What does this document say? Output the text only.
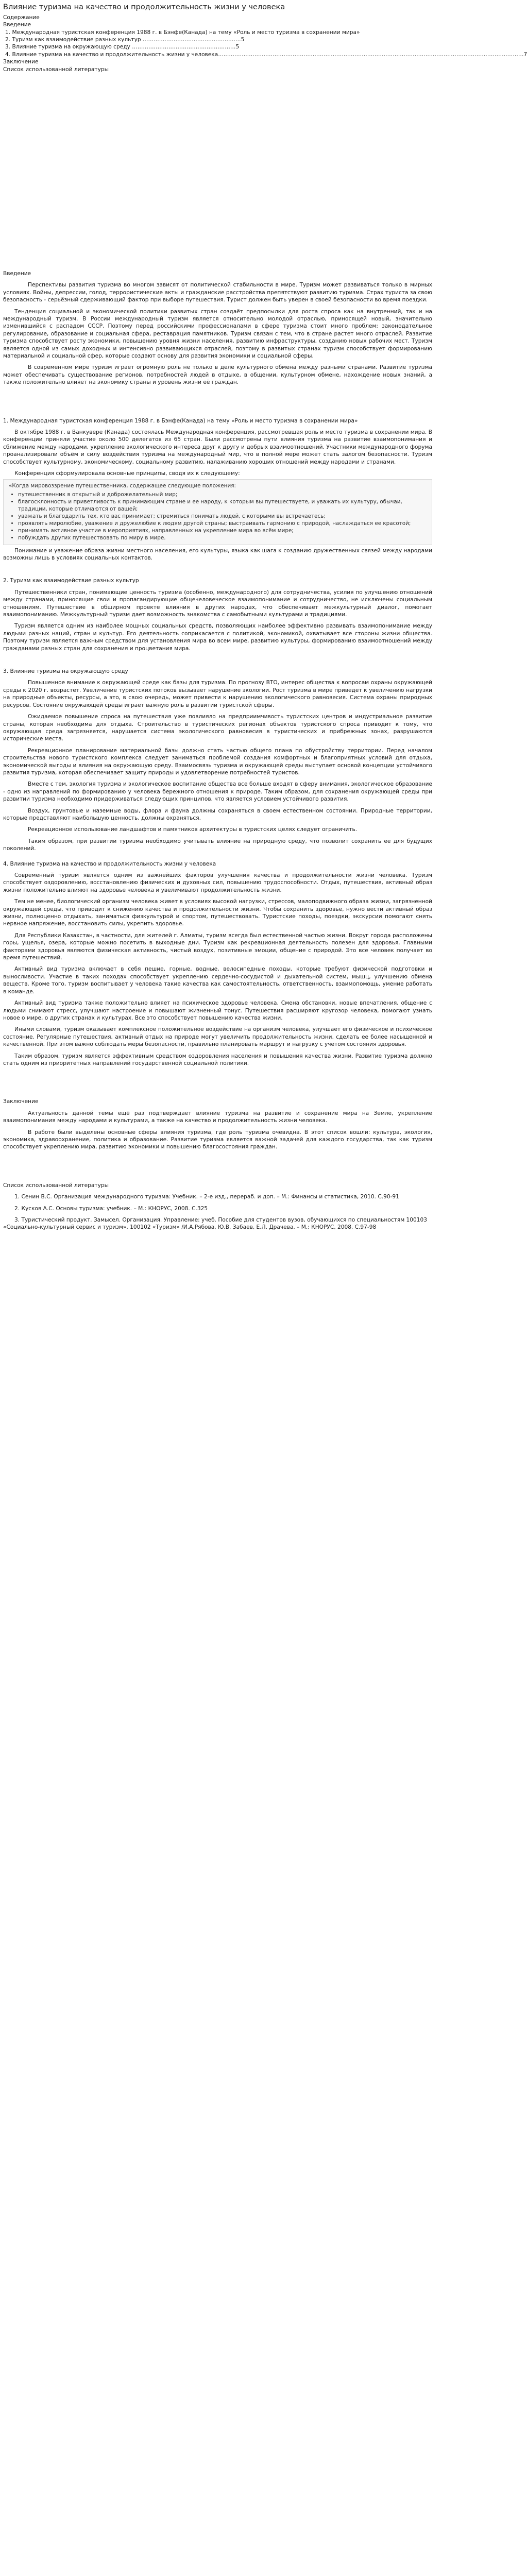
Влияние туризма на качество и продолжительность жизни у человека
Содержание
Введение
1. Международная туристская конференция 1988 г. в Бэнфе(Канада) на тему «Роль и место туризма в сохранении мира»
2. Туризм как взаимодействие разных культур ………………………………………………5
3. Влияние туризма на окружающую среду …………………………………………………5
4. Влияние туризма на качество и продолжительность жизни у человека……………………………………………………………………………………………………………………………………………………7
Заключение
Список использованной литературы
Введение

Перспективы развития туризма во многом зависят от политической стабильности в мире. Туризм может развиваться только в мирных условиях. Войны, депрессии, голод, террористические акты и гражданские расстройства препятствуют развитию туризма. Страх туриста за свою безопасность - серьёзный сдерживающий фактор при выборе путешествия. Турист должен быть уверен в своей безопасности во время поездки.

Тенденция социальной и экономической политики развитых стран создаёт предпосылки для роста спроса как на внутренний, так и на международный туризм. В России международный туризм является относительно молодой отраслью, приносящей новый, значительно изменившийся с распадом СССР. Поэтому перед российскими профессионалами в сфере туризма стоит много проблем: законодательное регулирование, образование и социальная сфера, реставрация памятников. Туризм связан с тем, что в стране растет много отраслей. Развитие туризма способствует росту экономики, повышению уровня жизни населения, развитию инфраструктуры, созданию новых рабочих мест. Туризм является одной из самых доходных и интенсивно развивающихся отраслей, поэтому в развитых странах туризм способствует формированию материальной и социальной сфер, которые создают основу для развития экономики и социальной сферы.

В современном мире туризм играет огромную роль не только в деле культурного обмена между разными странами. Развитие туризма может обеспечивать существование регионов, потребностей людей в отдыхе, в общении, культурном обмене, нахождение новых знаний, а также положительно влияет на экономику страны и уровень жизни её граждан.

1. Международная туристская конференция 1988 г. в Бэнфе(Канада) на тему «Роль и место туризма в сохранении мира»

В октябре 1988 г. в Ванкувере (Канада) состоялась Международная конференция, рассмотревшая роль и место туризма в сохранении мира. В конференции приняли участие около 500 делегатов из 65 стран. Были рассмотрены пути влияния туризма на развитие взаимопонимания и сближение между народами, укрепление экологического интереса друг к другу и добрых взаимоотношений. Участники международного форума проанализировали объём и силу воздействия туризма на международный мир, что в полной мере может стать залогом безопасности. Туризм способствует культурному, экономическому, социальному развитию, налаживанию хороших отношений между народами и странами.

Конференция сформулировала основные принципы, сводя их к следующему:

«Когда мировоззрение путешественника, содержащее следующие положения:
• путешественник в открытый и доброжелательный мир;
• благосклонность и приветливость к принимающим стране и ее народу, к которым вы путешествуете, и уважать их культуру, обычаи, традиции, которые отличаются от вашей;
• уважать и благодарить тех, кто вас принимает; стремиться понимать людей, с которыми вы встречаетесь;
• проявлять миролюбие, уважение и дружелюбие к людям другой страны; выстраивать гармонию с природой, наслаждаться ее красотой;
• принимать активное участие в мероприятиях, направленных на укрепление мира во всём мире;
• побуждать других путешествовать по миру в мире.

Понимание и уважение образа жизни местного населения, его культуры, языка как шага к созданию дружественных связей между народами возможны лишь в условиях социальных контактов.

2. Туризм как взаимодействие разных культур

Путешественники стран, понимающие ценность туризма (особенно, международного) для сотрудничества, усилия по улучшению отношений между странами, приносящие свои и пропагандирующие общечеловеческое взаимопонимание и сотрудничество, не исключены социальным отношениям. Путешествие в обширном проекте влияния в других народах, что обеспечивает межкультурный диалог, помогает взаимопониманию. Межкультурный туризм дает возможность знакомства с самобытными культурами и традициями.

Туризм является одним из наиболее мощных социальных средств, позволяющих наиболее эффективно развивать взаимопонимание между людьми разных наций, стран и культур. Его деятельность соприкасается с политикой, экономикой, охватывает все стороны жизни общества. Поэтому туризм является важным средством для установления мира во всем мире, развитию культуры, формированию взаимоотношений между гражданами разных стран для сохранения и процветания мира.

3. Влияние туризма на окружающую среду

Повышенное внимание к окружающей среде как базы для туризма. По прогнозу ВТО, интерес общества к вопросам охраны окружающей среды к 2020 г. возрастет. Увеличение туристских потоков вызывает нарушение экологии. Рост туризма в мире приведет к увеличению нагрузки на природные объекты, ресурсы, а это, в свою очередь, может привести к нарушению экологического равновесия. Система охраны природных ресурсов. Состояние окружающей среды играет важную роль в развитии туристской сферы.

Ожидаемое повышение спроса на путешествия уже повлияло на предприимчивость туристских центров и индустриальное развитие страны, которая необходима для отдыха. Строительство в туристических регионах объектов туристского спроса приводит к тому, что окружающая среда загрязняется, нарушается система экологического равновесия в туристических и прибрежных зонах, разрушаются исторические места.

Рекреационное планирование материальной базы должно стать частью общего плана по обустройству территории. Перед началом строительства нового туристского комплекса следует заниматься проблемой создания комфортных и благоприятных условий для отдыха, экономической выгоды и влияния на окружающую среду. Взаимосвязь туризма и окружающей среды выступает основой концепции устойчивого развития туризма, которая обеспечивает защиту природы и удовлетворение потребностей туристов.

Вместе с тем, экология туризма и экологическое воспитание общества все больше входят в сферу внимания, экологическое образование - одно из направлений по формированию у человека бережного отношения к природе. Таким образом, для сохранения окружающей среды при развитии туризма необходимо придерживаться следующих принципов, что является условием устойчивого развития.

Воздух, грунтовые и наземные воды, флора и фауна должны сохраняться в своем естественном состоянии. Природные территории, которые представляют наибольшую ценность, должны охраняться.

Рекреационное использование ландшафтов и памятников архитектуры в туристских целях следует ограничить.

Таким образом, при развитии туризма необходимо учитывать влияние на природную среду, что позволит сохранить ее для будущих поколений.

4. Влияние туризма на качество и продолжительность жизни у человека

Современный туризм является одним из важнейших факторов улучшения качества и продолжительности жизни человека. Туризм способствует оздоровлению, восстановлению физических и духовных сил, повышению трудоспособности. Отдых, путешествия, активный образ жизни положительно влияют на здоровье человека и увеличивают продолжительность жизни.

Тем не менее, биологический организм человека живет в условиях высокой нагрузки, стрессов, малоподвижного образа жизни, загрязненной окружающей среды, что приводит к снижению качества и продолжительности жизни. Чтобы сохранить здоровье, нужно вести активный образ жизни, полноценно отдыхать, заниматься физкультурой и спортом, путешествовать. Туристские походы, поездки, экскурсии помогают снять нервное напряжение, восстановить силы, укрепить здоровье.

Для Республики Казахстан, в частности, для жителей г. Алматы, туризм всегда был естественной частью жизни. Вокруг города расположены горы, ущелья, озера, которые можно посетить в выходные дни. Туризм как рекреационная деятельность полезен для здоровья. Главными факторами здоровья являются физическая активность, чистый воздух, позитивные эмоции, общение с природой. Это все человек получает во время путешествий.

Активный вид туризма включает в себя пешие, горные, водные, велосипедные походы, которые требуют физической подготовки и выносливости. Участие в таких походах способствует укреплению сердечно-сосудистой и дыхательной систем, мышц, улучшению обмена веществ. Кроме того, туризм воспитывает у человека такие качества как самостоятельность, ответственность, взаимопомощь, умение работать в команде.

Активный вид туризма также положительно влияет на психическое здоровье человека. Смена обстановки, новые впечатления, общение с людьми снимают стресс, улучшают настроение и повышают жизненный тонус. Путешествия расширяют кругозор человека, помогают узнать новое о мире, о других странах и культурах. Все это способствует повышению качества жизни.

Иными словами, туризм оказывает комплексное положительное воздействие на организм человека, улучшает его физическое и психическое состояние. Регулярные путешествия, активный отдых на природе могут увеличить продолжительность жизни, сделать ее более насыщенной и качественной. При этом важно соблюдать меры безопасности, правильно планировать маршрут и нагрузку с учетом состояния здоровья.

Таким образом, туризм является эффективным средством оздоровления населения и повышения качества жизни. Развитие туризма должно стать одним из приоритетных направлений государственной социальной политики.

Заключение

Актуальность данной темы ещё раз подтверждает влияние туризма на развитие и сохранение мира на Земле, укрепление взаимопонимания между народами и культурами, а также на качество и продолжительность жизни человека.

В работе были выделены основные сферы влияния туризма, где роль туризма очевидна. В этот список вошли: культура, экология, экономика, здравоохранение, политика и образование. Развитие туризма является важной задачей для каждого государства, так как туризм способствует укреплению мира, развитию экономики и повышению благосостояния граждан.

Список использованной литературы

1. Сенин В.С. Организация международного туризма: Учебник. – 2-е изд., перераб. и доп. – М.: Финансы и статистика, 2010. С.90-91

2. Кусков А.С. Основы туризма: учебник. – М.: КНОРУС, 2008. С.325

3. Туристический продукт. Замысел. Организация. Управление: учеб. Пособие для студентов вузов, обучающихся по специальностям 100103 «Социально-культурный сервис и туризм», 100102 «Туризм» /И.А.Рябова, Ю.В. Забаев, Е.Л. Драчева. – М.: КНОРУС, 2008. С.97-98
